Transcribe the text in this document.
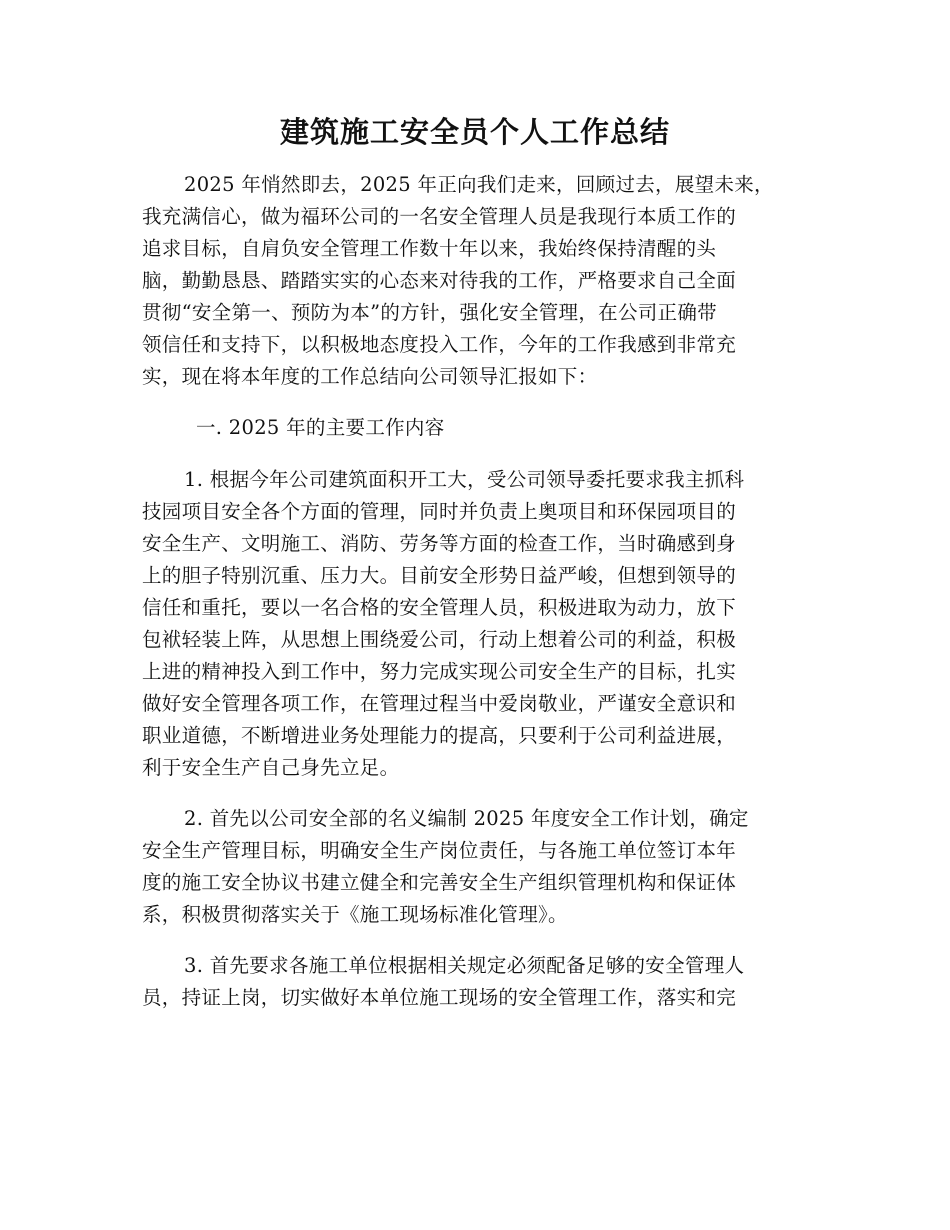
建筑施工安全员个人工作总结
2025 年悄然即去，2025 年正向我们走来，回顾过去，展望未来，
我充满信心，做为福环公司的一名安全管理人员是我现行本质工作的
追求目标，自肩负安全管理工作数十年以来，我始终保持清醒的头
脑，勤勤恳恳、踏踏实实的心态来对待我的工作，严格要求自己全面
贯彻“安全第一、预防为本”的方针，强化安全管理，在公司正确带
领信任和支持下，以积极地态度投入工作，今年的工作我感到非常充
实，现在将本年度的工作总结向公司领导汇报如下：
一. 2025 年的主要工作内容
1. 根据今年公司建筑面积开工大，受公司领导委托要求我主抓科
技园项目安全各个方面的管理，同时并负责上奥项目和环保园项目的
安全生产、文明施工、消防、劳务等方面的检查工作，当时确感到身
上的胆子特别沉重、压力大。目前安全形势日益严峻，但想到领导的
信任和重托，要以一名合格的安全管理人员，积极进取为动力，放下
包袱轻装上阵，从思想上围绕爱公司，行动上想着公司的利益，积极
上进的精神投入到工作中，努力完成实现公司安全生产的目标，扎实
做好安全管理各项工作，在管理过程当中爱岗敬业，严谨安全意识和
职业道德，不断增进业务处理能力的提高，只要利于公司利益进展，
利于安全生产自己身先立足。
2. 首先以公司安全部的名义编制 2025 年度安全工作计划，确定
安全生产管理目标，明确安全生产岗位责任，与各施工单位签订本年
度的施工安全协议书建立健全和完善安全生产组织管理机构和保证体
系，积极贯彻落实关于《施工现场标准化管理》。
3. 首先要求各施工单位根据相关规定必须配备足够的安全管理人
员，持证上岗，切实做好本单位施工现场的安全管理工作，落实和完
